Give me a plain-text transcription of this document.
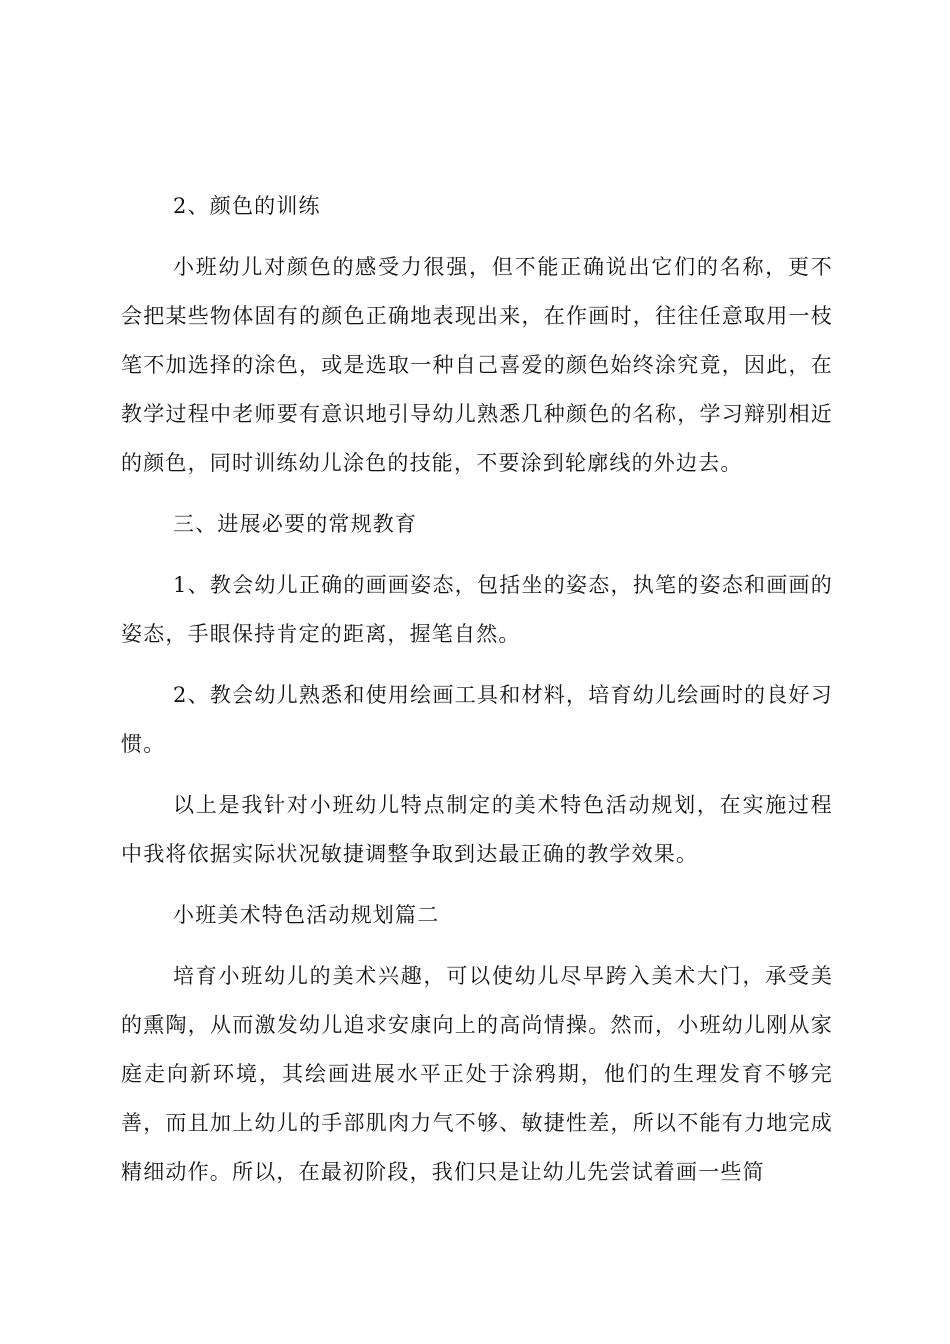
2、颜色的训练

小班幼儿对颜色的感受力很强，但不能正确说出它们的名称，更不会把某些物体固有的颜色正确地表现出来，在作画时，往往任意取用一枝笔不加选择的涂色，或是选取一种自己喜爱的颜色始终涂究竟，因此，在教学过程中老师要有意识地引导幼儿熟悉几种颜色的名称，学习辩别相近的颜色，同时训练幼儿涂色的技能，不要涂到轮廓线的外边去。

三、进展必要的常规教育

1、教会幼儿正确的画画姿态，包括坐的姿态，执笔的姿态和画画的姿态，手眼保持肯定的距离，握笔自然。

2、教会幼儿熟悉和使用绘画工具和材料，培育幼儿绘画时的良好习惯。

以上是我针对小班幼儿特点制定的美术特色活动规划，在实施过程中我将依据实际状况敏捷调整争取到达最正确的教学效果。

小班美术特色活动规划篇二

培育小班幼儿的美术兴趣，可以使幼儿尽早跨入美术大门，承受美的熏陶，从而激发幼儿追求安康向上的高尚情操。然而，小班幼儿刚从家庭走向新环境，其绘画进展水平正处于涂鸦期，他们的生理发育不够完善，而且加上幼儿的手部肌肉力气不够、敏捷性差，所以不能有力地完成精细动作。所以，在最初阶段，我们只是让幼儿先尝试着画一些简
